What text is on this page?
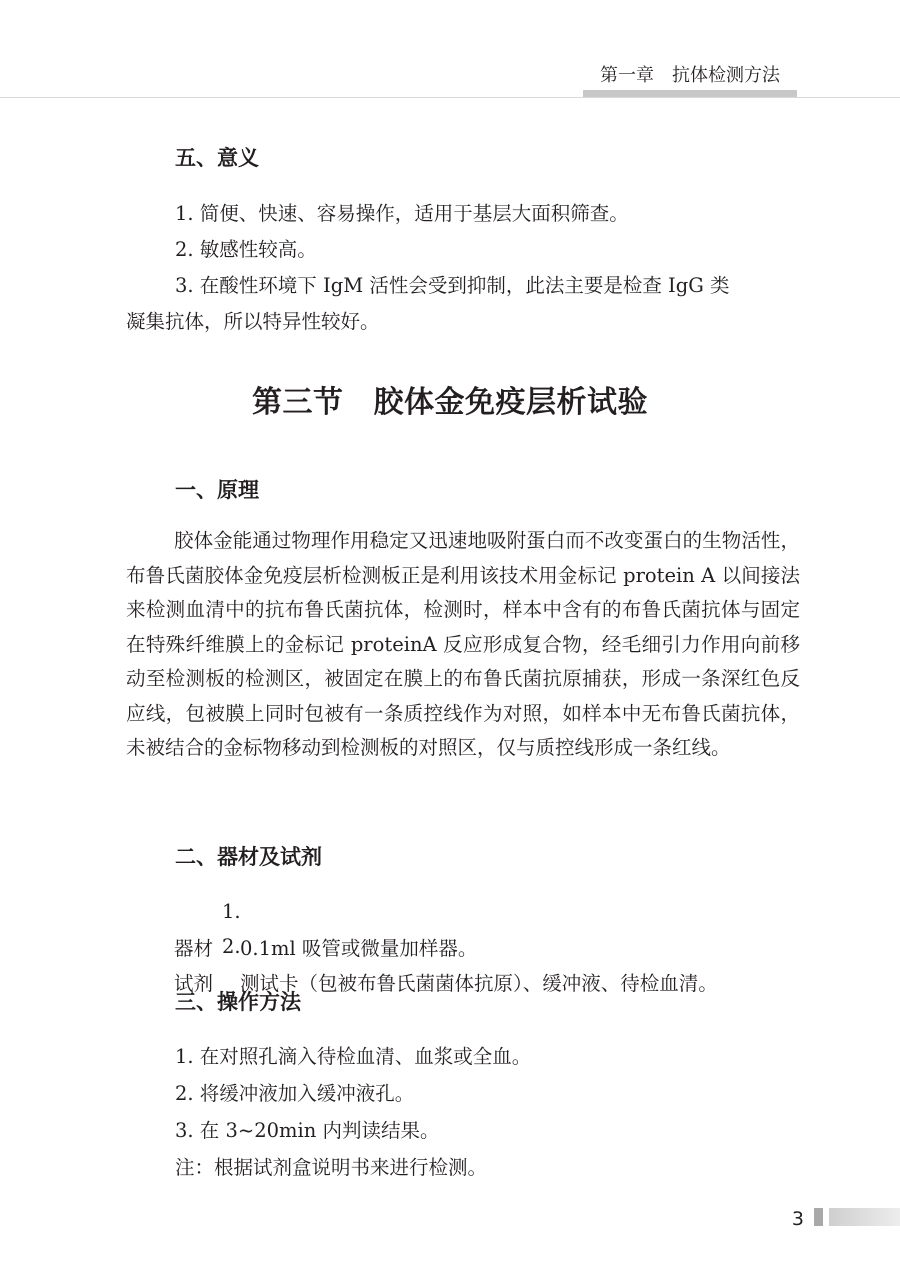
第一章　抗体检测方法
五、意义

1. 简便、快速、容易操作，适用于基层大面积筛查。

2. 敏感性较高。

3. 在酸性环境下 IgM 活性会受到抑制，此法主要是检查 IgG 类

凝集抗体，所以特异性较好。

第三节 胶体金免疫层析试验
一、原理

胶体金能通过物理作用稳定又迅速地吸附蛋白而不改变蛋白的生物活性，布鲁氏菌胶体金免疫层析检测板正是利用该技术用金标记 protein A 以间接法来检测血清中的抗布鲁氏菌抗体，检测时，样本中含有的布鲁氏菌抗体与固定在特殊纤维膜上的金标记 proteinA 反应形成复合物，经毛细引力作用向前移动至检测板的检测区，被固定在膜上的布鲁氏菌抗原捕获，形成一条深红色反应线，包被膜上同时包被有一条质控线作为对照，如样本中无布鲁氏菌抗体，未被结合的金标物移动到检测板的对照区，仅与质控线形成一条红线。

二、器材及试剂

1. 器材 0.1ml 吸管或微量加样器。

2. 试剂 测试卡（包被布鲁氏菌菌体抗原）、缓冲液、待检血清。

三、操作方法

1. 在对照孔滴入待检血清、血浆或全血。

2. 将缓冲液加入缓冲液孔。

3. 在 3~20min 内判读结果。

注：根据试剂盒说明书来进行检测。

3
